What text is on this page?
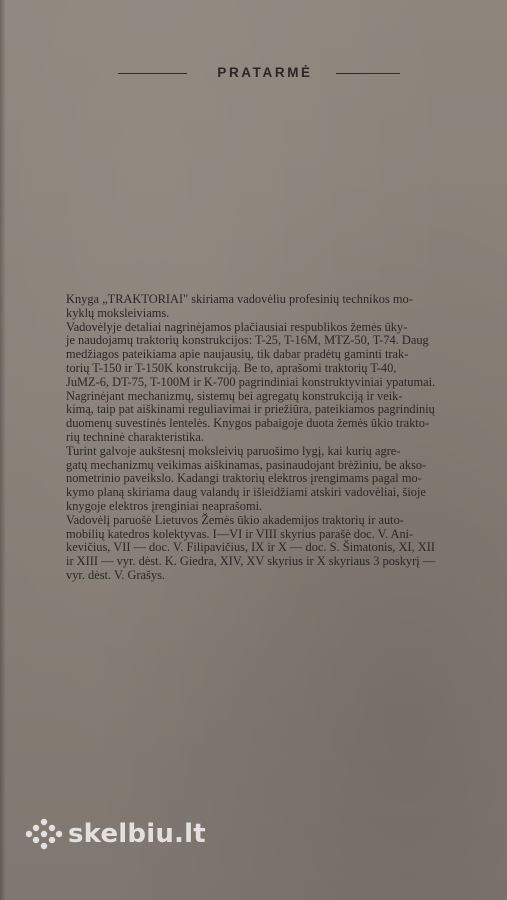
PRATARMĖ
Knyga „TRAKTORIAI" skiriama vadovėliu profesinių technikos mo-
kyklų moksleiviams.
Vadovėlyje detaliai nagrinėjamos plačiausiai respublikos žemės ūky-
je naudojamų traktorių konstrukcijos: T-25, T-16M, MTZ-50, T-74. Daug
medžiagos pateikiama apie naujausių, tik dabar pradėtų gaminti trak-
torių T-150 ir T-150K konstrukciją. Be to, aprašomi traktorių T-40,
JuMZ-6, DT-75, T-100M ir K-700 pagrindiniai konstruktyviniai ypatumai.
Nagrinėjant mechanizmų, sistemų bei agregatų konstrukciją ir veik-
kimą, taip pat aiškinami reguliavimai ir priežiūra, pateikiamos pagrindinių
duomenų suvestinės lentelės. Knygos pabaigoje duota žemės ūkio trakto-
rių techninė charakteristika.
Turint galvoje aukštesnį moksleivių paruošimo lygį, kai kurių agre-
gatų mechanizmų veikimas aiškinamas, pasinaudojant brėžiniu, be akso-
nometrinio paveikslo. Kadangi traktorių elektros įrengimams pagal mo-
kymo planą skiriama daug valandų ir išleidžiami atskiri vadovėliai, šioje
knygoje elektros įrenginiai neaprašomi.
Vadovėlį paruošė Lietuvos Žemės ūkio akademijos traktorių ir auto-
mobilių katedros kolektyvas. I—VI ir VIII skyrius parašė doc. V. Ani-
kevičius, VII — doc. V. Filipavičius, IX ir X — doc. S. Šimatonis, XI, XII
ir XIII — vyr. dėst. K. Giedra, XIV, XV skyrius ir X skyriaus 3 poskyrį —
vyr. dėst. V. Grašys.
skelbiu.lt
